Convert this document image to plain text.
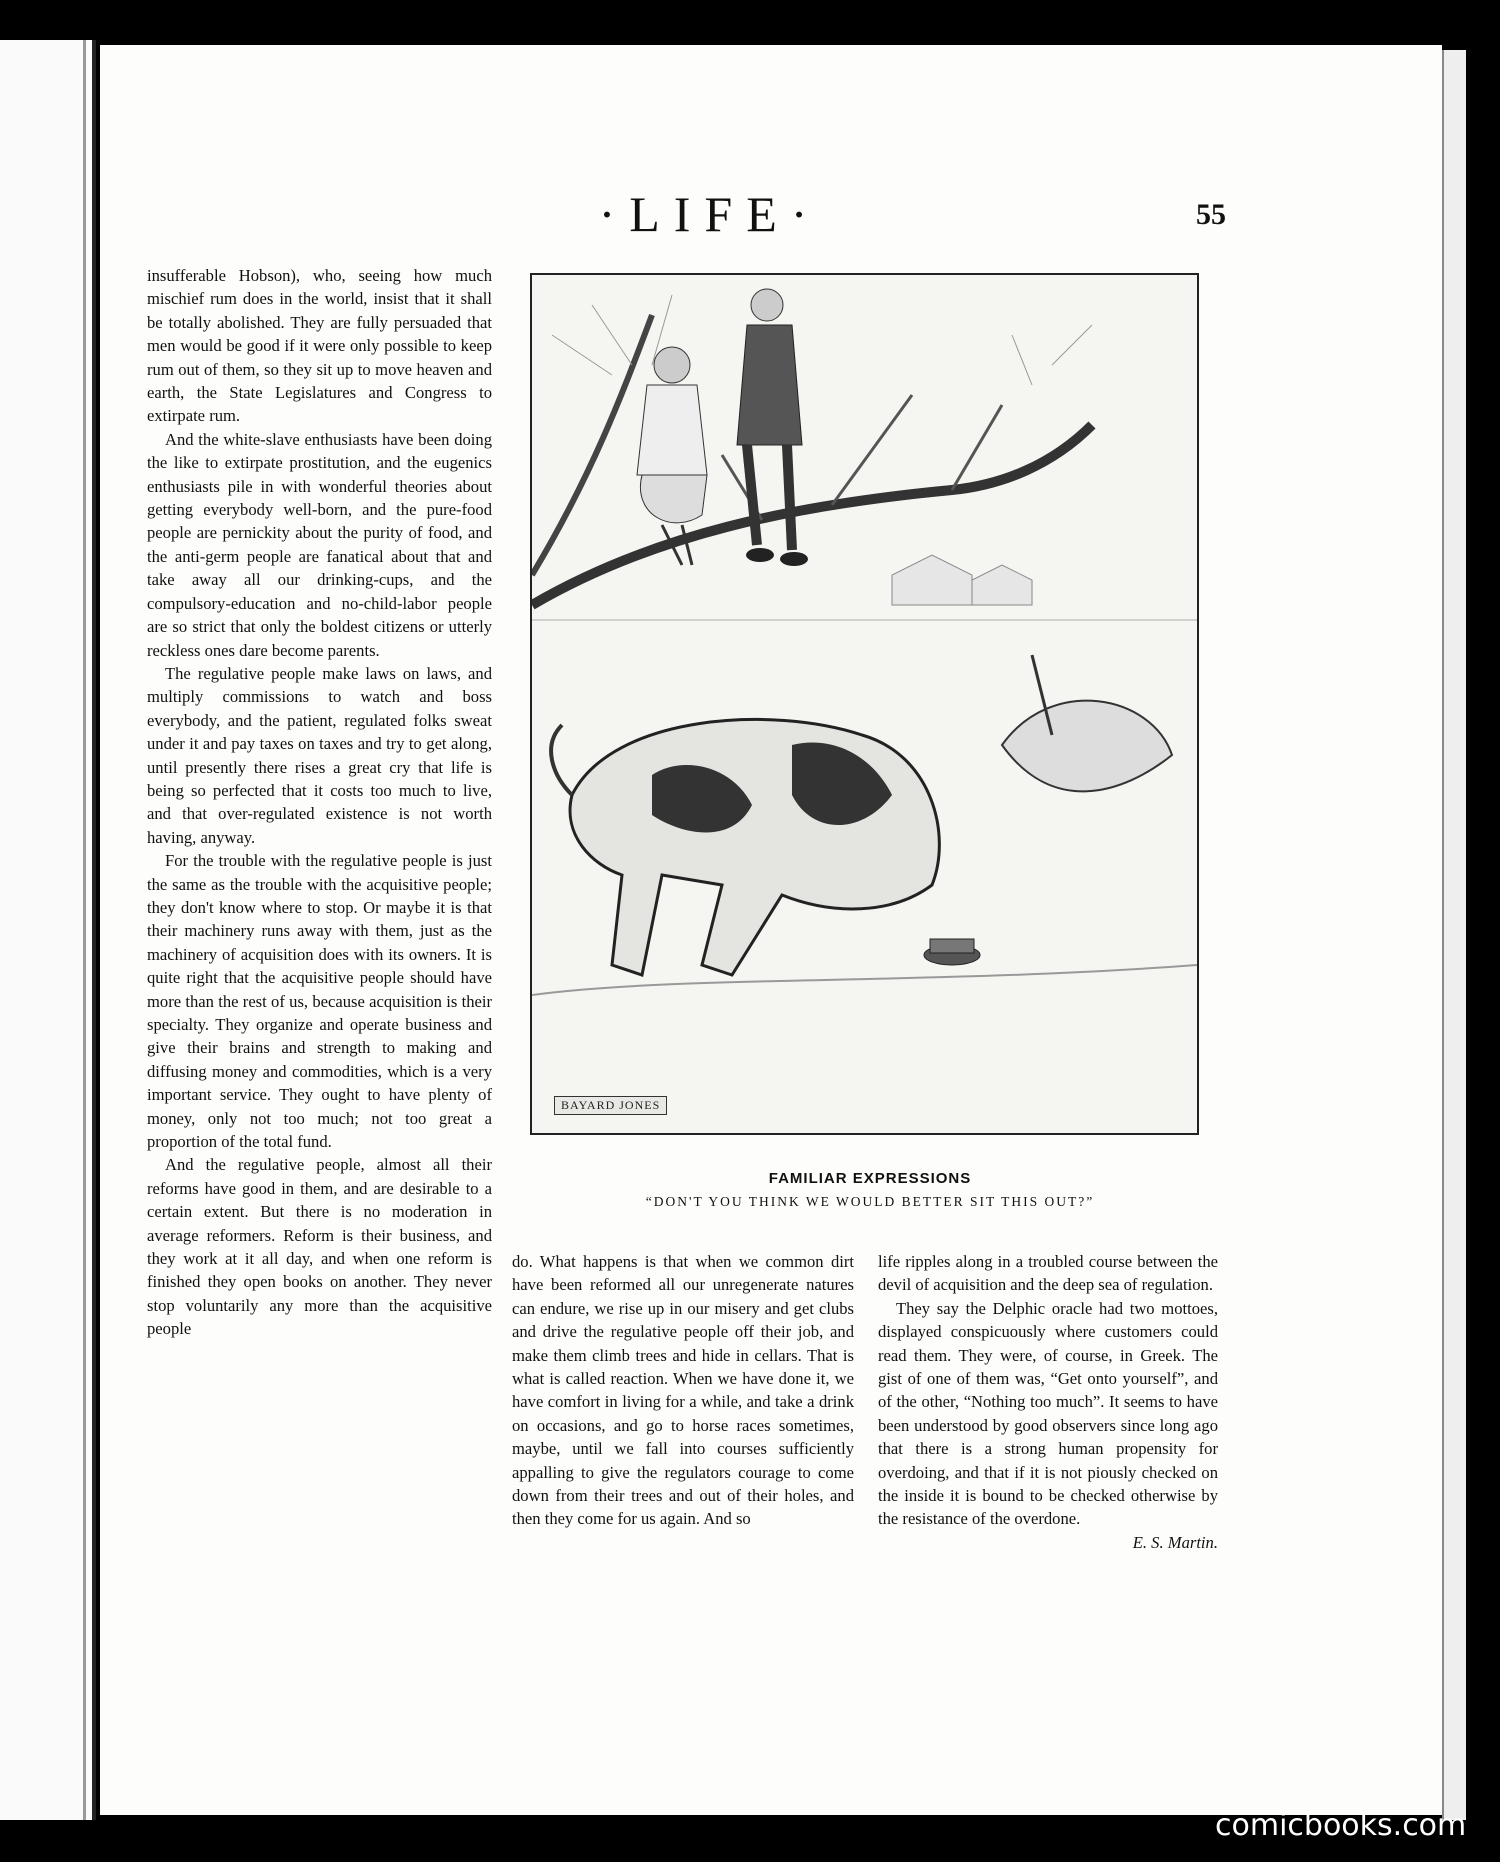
·LIFE·	55

insufferable Hobson), who, seeing how much mischief rum does in the world, insist that it shall be totally abolished. They are fully persuaded that men would be good if it were only possible to keep rum out of them, so they sit up to move heaven and earth, the State Legislatures and Congress to extirpate rum.

And the white-slave enthusiasts have been doing the like to extirpate prostitution, and the eugenics enthusiasts pile in with wonderful theories about getting everybody well-born, and the pure-food people are pernickity about the purity of food, and the anti-germ people are fanatical about that and take away all our drinking-cups, and the compulsory-education and no-child-labor people are so strict that only the boldest citizens or utterly reckless ones dare become parents.

The regulative people make laws on laws, and multiply commissions to watch and boss everybody, and the patient, regulated folks sweat under it and pay taxes on taxes and try to get along, until presently there rises a great cry that life is being so perfected that it costs too much to live, and that over-regulated existence is not worth having, anyway.

For the trouble with the regulative people is just the same as the trouble with the acquisitive people; they don't know where to stop. Or maybe it is that their machinery runs away with them, just as the machinery of acquisition does with its owners. It is quite right that the acquisitive people should have more than the rest of us, because acquisition is their specialty. They organize and operate business and give their brains and strength to making and diffusing money and commodities, which is a very important service. They ought to have plenty of money, only not too much; not too great a proportion of the total fund.

And the regulative people, almost all their reforms have good in them, and are desirable to a certain extent. But there is no moderation in average reformers. Reform is their business, and they work at it all day, and when one reform is finished they open books on another. They never stop voluntarily any more than the acquisitive people

BAYARD JONES
FAMILIAR EXPRESSIONS
“DON'T YOU THINK WE WOULD BETTER SIT THIS OUT?”

do. What happens is that when we common dirt have been reformed all our unregenerate natures can endure, we rise up in our misery and get clubs and drive the regulative people off their job, and make them climb trees and hide in cellars. That is what is called reaction. When we have done it, we have comfort in living for a while, and take a drink on occasions, and go to horse races sometimes, maybe, until we fall into courses sufficiently appalling to give the regulators courage to come down from their trees and out of their holes, and then they come for us again. And so

life ripples along in a troubled course between the devil of acquisition and the deep sea of regulation.

They say the Delphic oracle had two mottoes, displayed conspicuously where customers could read them. They were, of course, in Greek. The gist of one of them was, “Get onto yourself”, and of the other, “Nothing too much”. It seems to have been understood by good observers since long ago that there is a strong human propensity for overdoing, and that if it is not piously checked on the inside it is bound to be checked otherwise by the resistance of the overdone.

E. S. Martin.

comicbooks.com
